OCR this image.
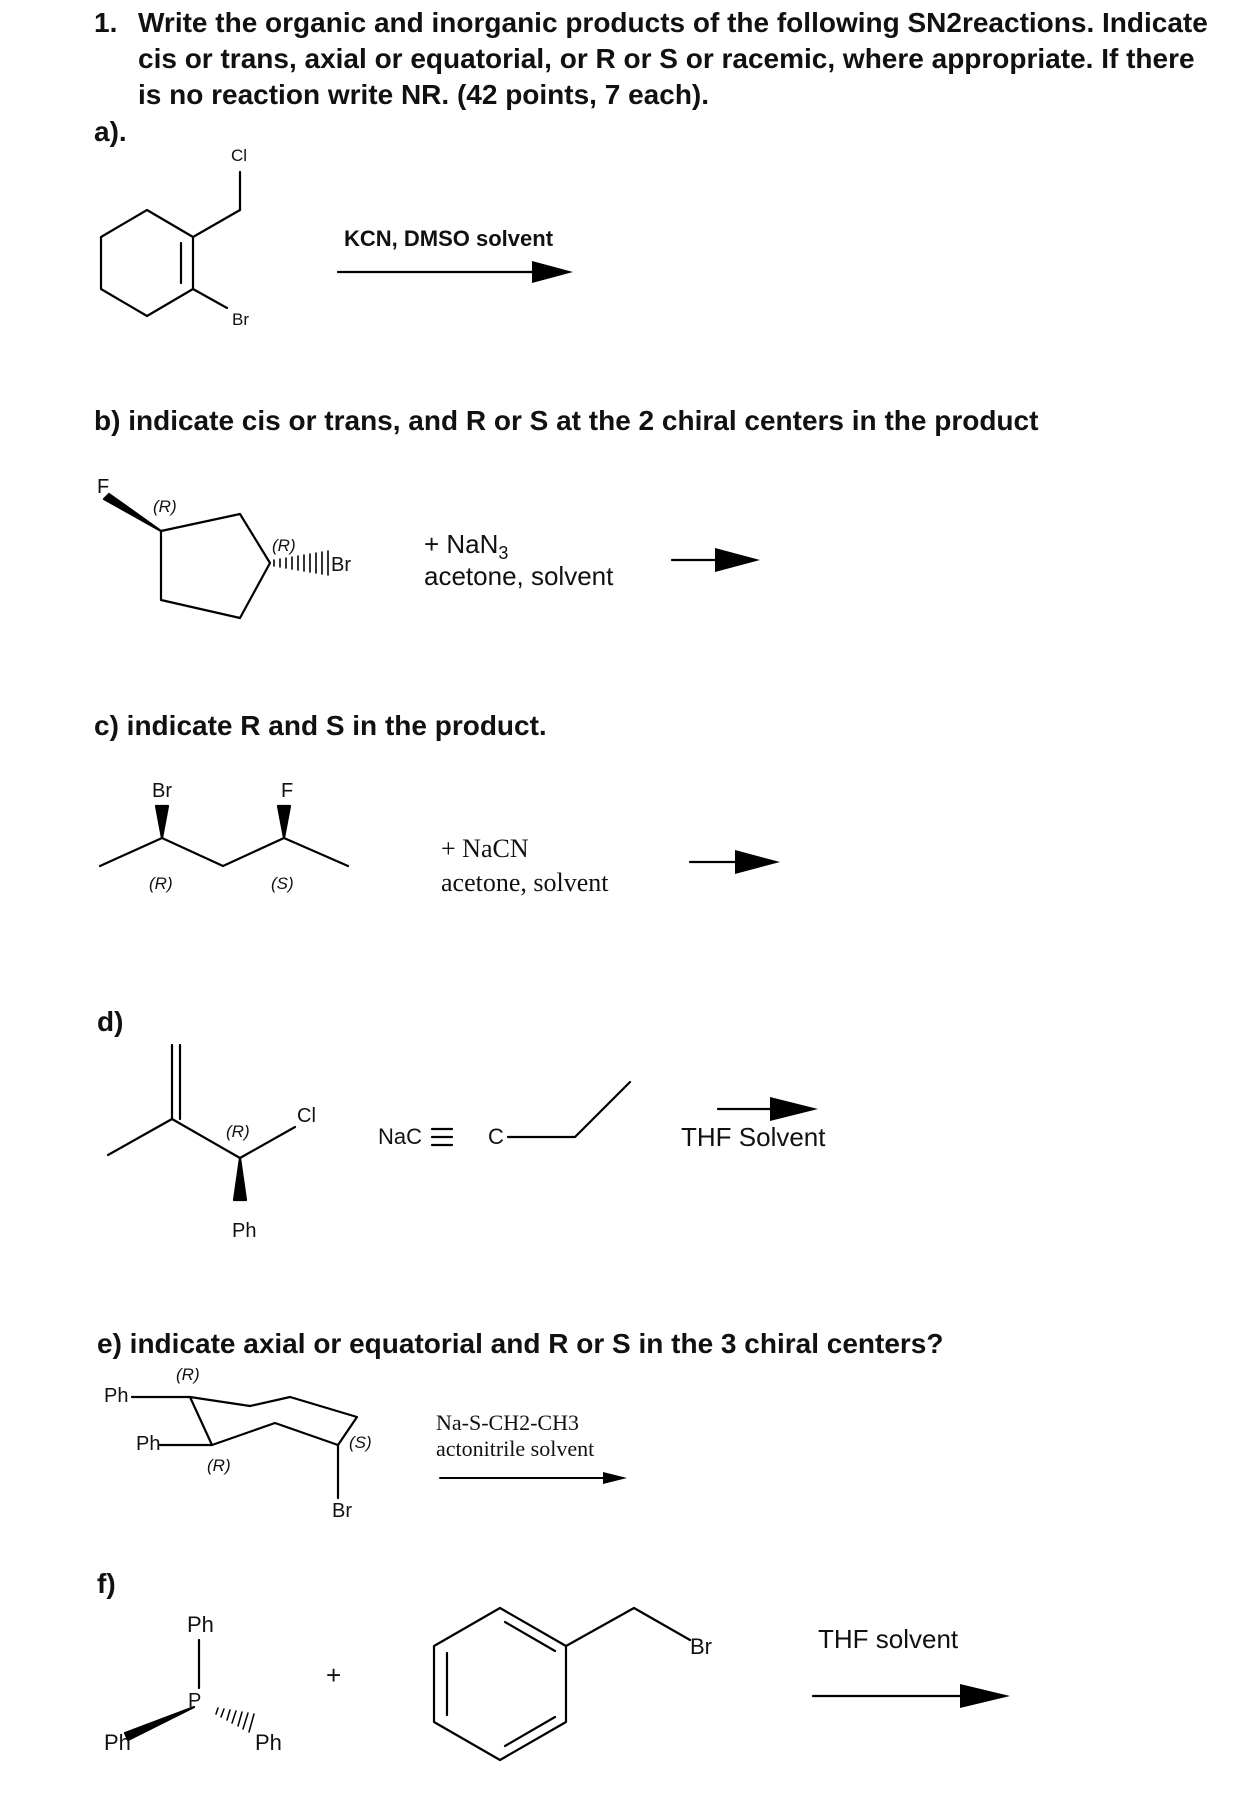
1. Write the organic and inorganic products of the following SN2reactions. Indicate cis or trans, axial or equatorial, or R or S or racemic, where appropriate. If there is no reaction write NR. (42 points, 7 each).
a).
Cl
Br
KCN, DMSO solvent
b) indicate cis or trans, and R or S at the 2 chiral centers in the product
F
(R)
(R)
Br
+ NaN$_3$
acetone, solvent
c) indicate R and S in the product.
Br	F
(R)	(S)
+ NaCN
acetone, solvent
d)
Cl
(R)
Ph
NaC	C	THF Solvent
e) indicate axial or equatorial and R or S in the 3 chiral centers?
(R)
Ph
Ph
(R)
(S)
Br
Na-S-CH2-CH3
actonitrile solvent
f)
Ph
P
Ph	Ph
+
Br	THF solvent
